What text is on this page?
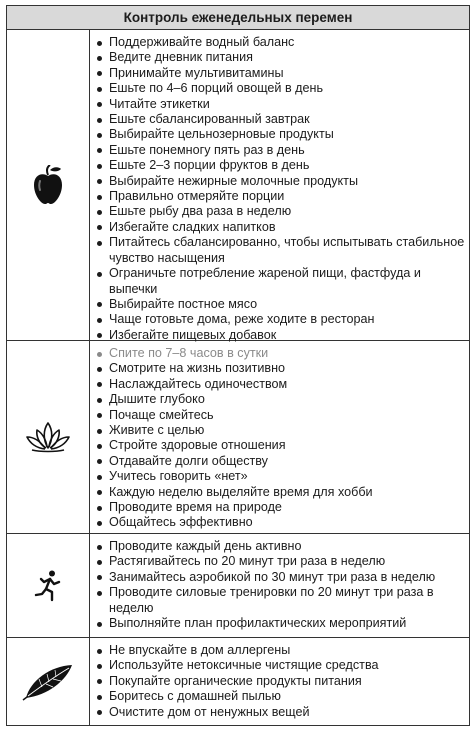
Контроль еженедельных перемен
Поддерживайте водный баланс
Ведите дневник питания
Принимайте мультивитамины
Ешьте по 4–6 порций овощей в день
Читайте этикетки
Ешьте сбалансированный завтрак
Выбирайте цельнозерновые продукты
Ешьте понемногу пять раз в день
Ешьте 2–3 порции фруктов в день
Выбирайте нежирные молочные продукты
Правильно отмеряйте порции
Ешьте рыбу два раза в неделю
Избегайте сладких напитков
Питайтесь сбалансированно, чтобы испытывать стабильное чувство насыщения
Ограничьте потребление жареной пищи, фастфуда и выпечки
Выбирайте постное мясо
Чаще готовьте дома, реже ходите в ресторан
Избегайте пищевых добавок
Спите по 7–8 часов в сутки
Смотрите на жизнь позитивно
Наслаждайтесь одиночеством
Дышите глубоко
Почаще смейтесь
Живите с целью
Стройте здоровые отношения
Отдавайте долги обществу
Учитесь говорить «нет»
Каждую неделю выделяйте время для хобби
Проводите время на природе
Общайтесь эффективно
Проводите каждый день активно
Растягивайтесь по 20 минут три раза в неделю
Занимайтесь аэробикой по 30 минут три раза в неделю
Проводите силовые тренировки по 20 минут три раза в неделю
Выполняйте план профилактических мероприятий
Не впускайте в дом аллергены
Используйте нетоксичные чистящие средства
Покупайте органические продукты питания
Боритесь с домашней пылью
Очистите дом от ненужных вещей
